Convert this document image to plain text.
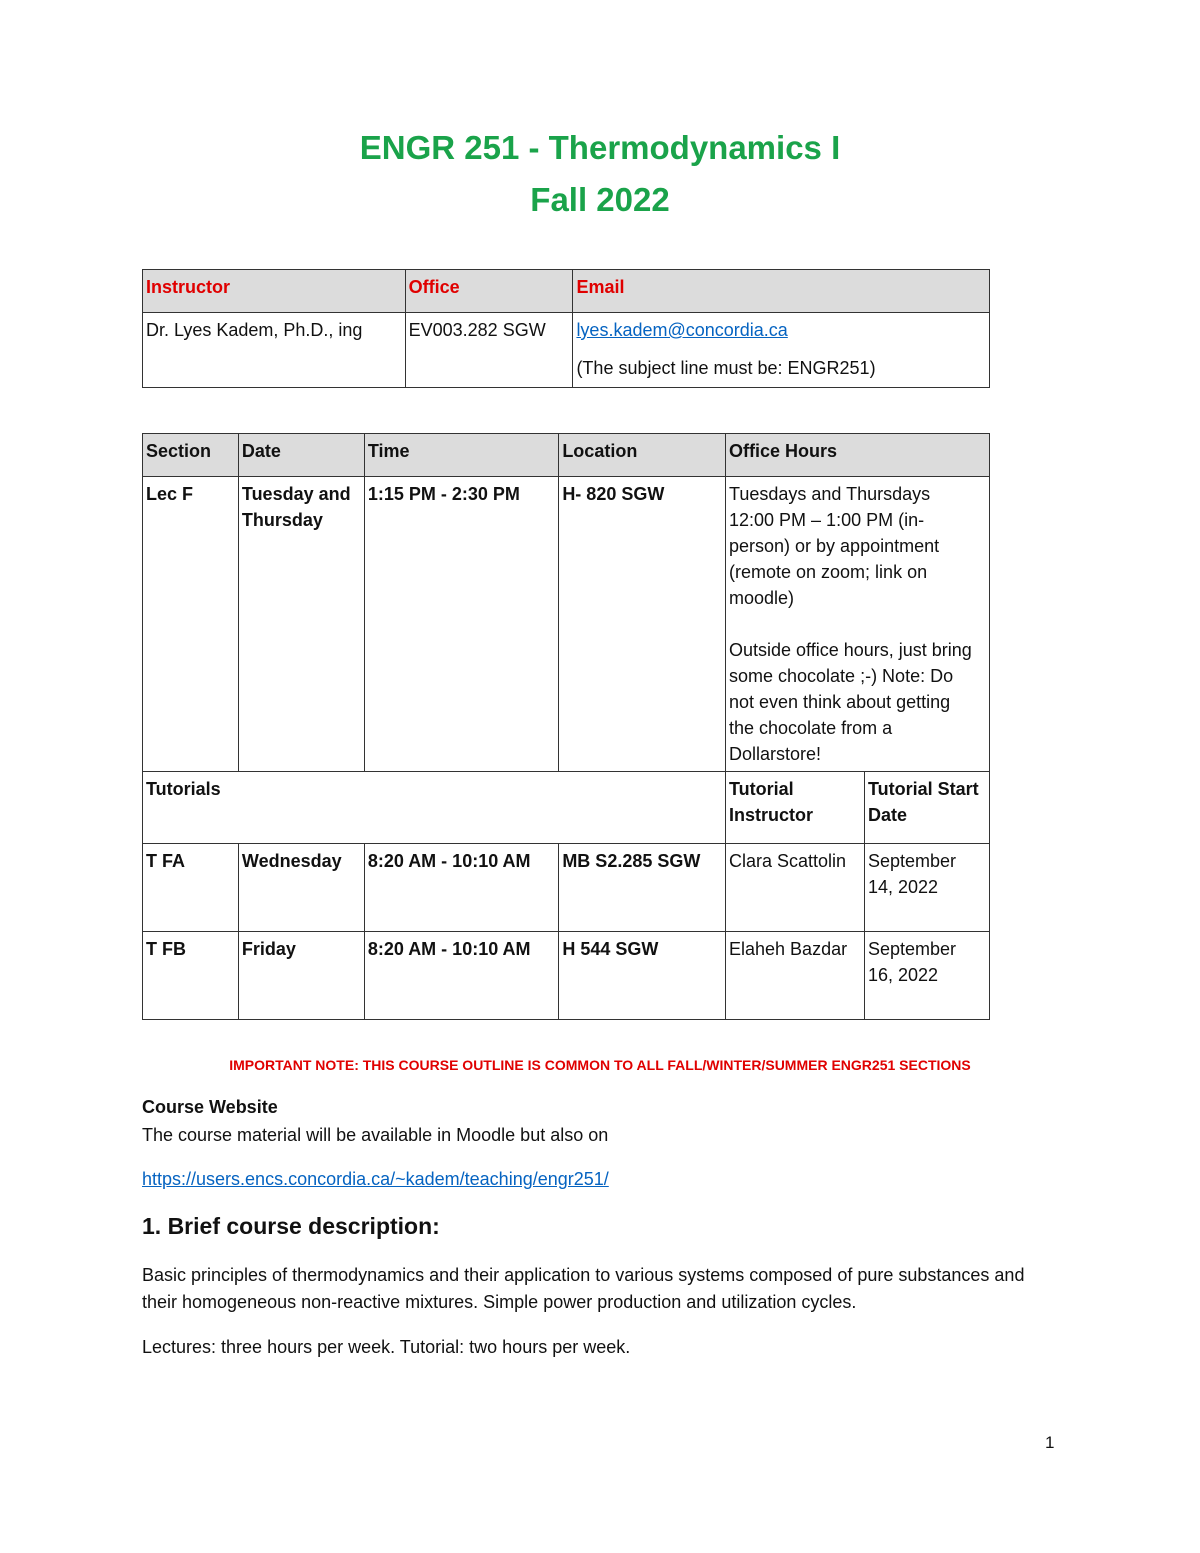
ENGR 251 - Thermodynamics I
Fall 2022
Instructor	Office	Email
Dr. Lyes Kadem, Ph.D., ing	EV003.282 SGW	lyes.kadem@concordia.ca
(The subject line must be: ENGR251)
Section	Date	Time	Location	Office Hours	
Lec F	Tuesday and Thursday	1:15 PM - 2:30 PM	H- 820 SGW	Tuesdays and Thursdays 12:00 PM – 1:00 PM (in-person) or by appointment (remote on zoom; link on moodle)
Outside office hours, just bring some chocolate ;-) Note: Do not even think about getting the chocolate from a Dollarstore!	

Tutorials				Tutorial Instructor	Tutorial Start Date
T FA	Wednesday	8:20 AM - 10:10 AM	MB S2.285 SGW	Clara Scattolin	September 14, 2022
T FB	Friday	8:20 AM - 10:10 AM	H 544 SGW	Elaheh Bazdar	September 16, 2022
IMPORTANT NOTE: THIS COURSE OUTLINE IS COMMON TO ALL FALL/WINTER/SUMMER ENGR251 SECTIONS
Course Website
The course material will be available in Moodle but also on
https://users.encs.concordia.ca/~kadem/teaching/engr251/
1. Brief course description:
Basic principles of thermodynamics and their application to various systems composed of pure substances and their homogeneous non-reactive mixtures. Simple power production and utilization cycles.
Lectures: three hours per week. Tutorial: two hours per week.
1
